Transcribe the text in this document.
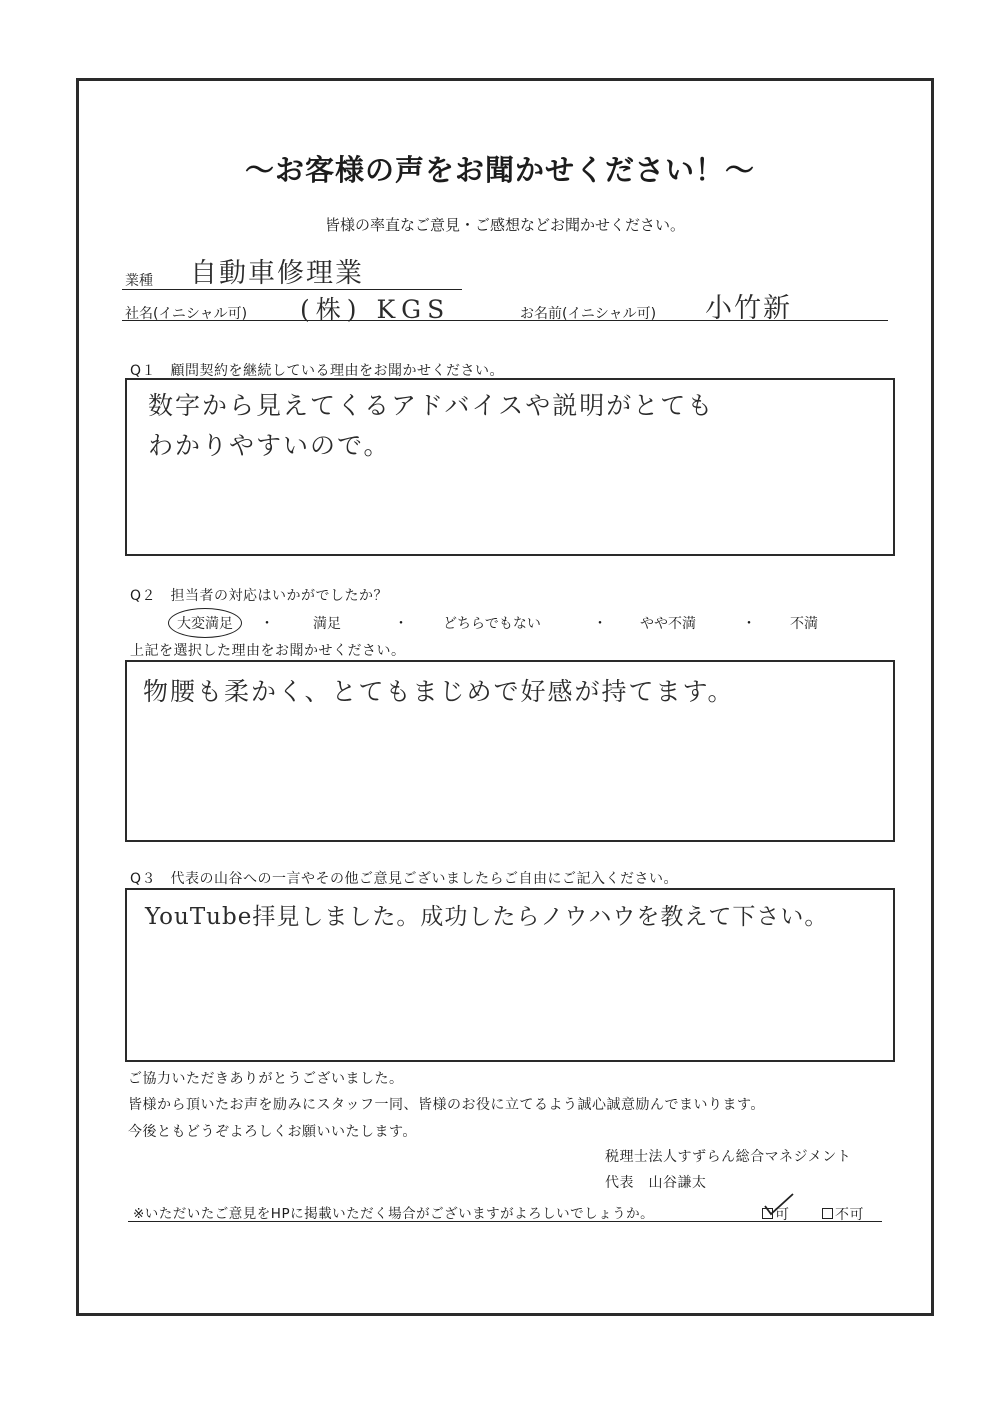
〜お客様の声をお聞かせください！〜
皆様の率直なご意見・ご感想などお聞かせください。
業種 自動車修理業
社名(イニシャル可) (株) KGS	お名前(イニシャル可) 小竹新
Q１　顧問契約を継続している理由をお聞かせください。
数字から見えてくるアドバイスや説明がとても
わかりやすいので。
Q２　担当者の対応はいかがでしたか？
大変満足 ・	満足	・	どちらでもない	・ やや不満	・ 不満
上記を選択した理由をお聞かせください。
物腰も柔かく、とてもまじめで好感が持てます。
Q３　代表の山谷への一言やその他ご意見ございましたらご自由にご記入ください。
YouTube拝見しました。成功したらノウハウを教えて下さい。
ご協力いただきありがとうございました。
皆様から頂いたお声を励みにスタッフ一同、皆様のお役に立てるよう誠心誠意励んでまいります。
今後ともどうぞよろしくお願いいたします。
税理士法人すずらん総合マネジメント
代表　山谷謙太
※いただいたご意見をHPに掲載いただく場合がございますがよろしいでしょうか。	可	不可
